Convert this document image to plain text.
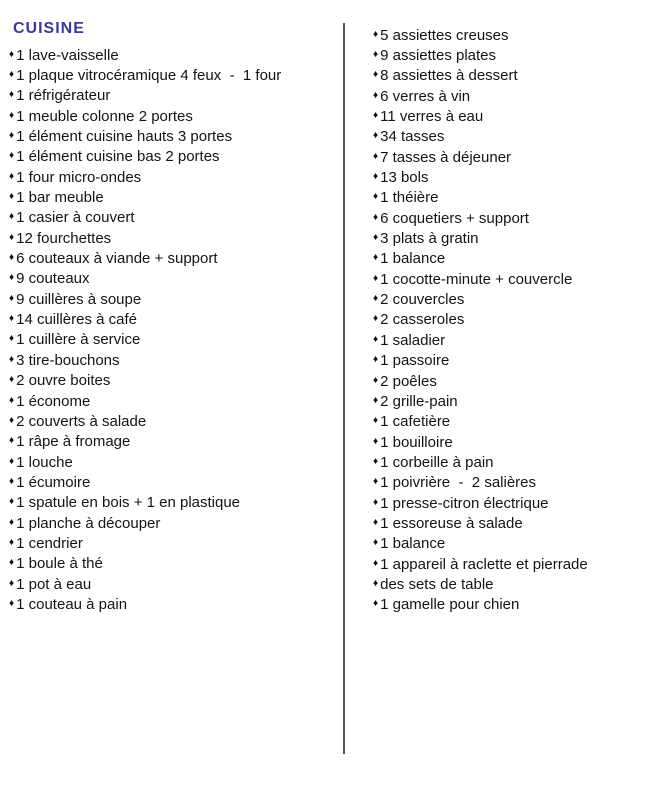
CUISINE
♦ 1 lave-vaisselle
♦ 1 plaque vitrocéramique 4 feux  -  1 four
♦ 1 réfrigérateur
♦ 1 meuble colonne 2 portes
♦ 1 élément cuisine hauts 3 portes
♦ 1 élément cuisine bas 2 portes
♦ 1 four micro-ondes
♦ 1 bar meuble
♦ 1 casier à couvert
♦ 12 fourchettes
♦ 6 couteaux à viande + support
♦ 9 couteaux
♦ 9 cuillères à soupe
♦ 14 cuillères à café
♦ 1 cuillère à service
♦ 3 tire-bouchons
♦ 2 ouvre boites
♦ 1 économe
♦ 2 couverts à salade
♦ 1 râpe à fromage
♦ 1 louche
♦ 1 écumoire
♦ 1 spatule en bois + 1 en plastique
♦ 1 planche à découper
♦ 1 cendrier
♦ 1 boule à thé
♦ 1 pot à eau
♦ 1 couteau à pain
♦ 5 assiettes creuses
♦ 9 assiettes plates
♦ 8 assiettes à dessert
♦ 6 verres à vin
♦ 11 verres à eau
♦ 34 tasses
♦ 7 tasses à déjeuner
♦ 13 bols
♦ 1 théière
♦ 6 coquetiers + support
♦ 3 plats à gratin
♦ 1 balance
♦ 1 cocotte-minute + couvercle
♦ 2 couvercles
♦ 2 casseroles
♦ 1 saladier
♦ 1 passoire
♦ 2 poêles
♦ 2 grille-pain
♦ 1 cafetière
♦ 1 bouilloire
♦ 1 corbeille à pain
♦ 1 poivrière  -  2 salières
♦ 1 presse-citron électrique
♦ 1 essoreuse à salade
♦ 1 balance
♦ 1 appareil à raclette et pierrade
♦ des sets de table
♦ 1 gamelle pour chien
